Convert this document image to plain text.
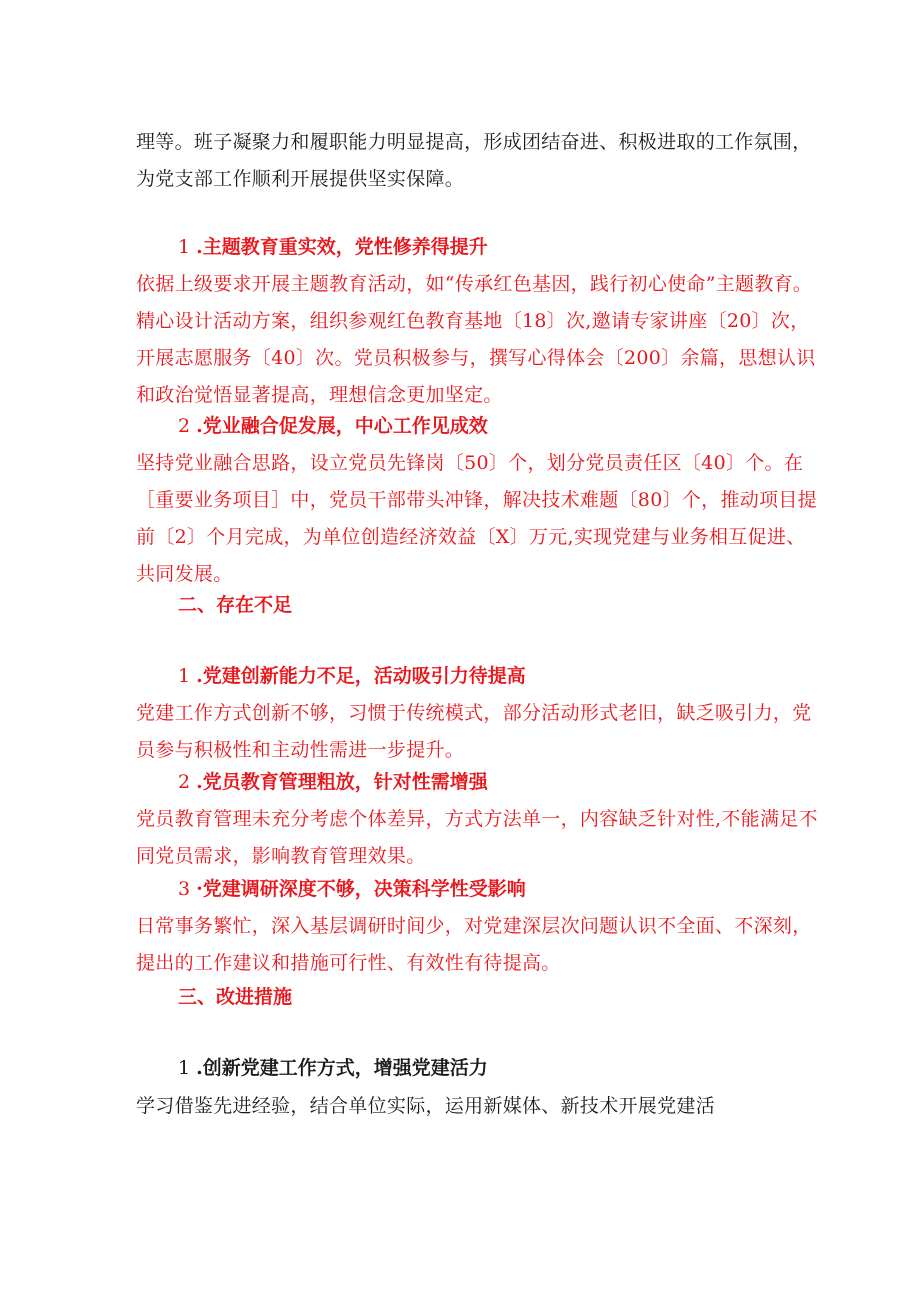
理等。班子凝聚力和履职能力明显提高，形成团结奋进、积极进取的工作氛围，
为党支部工作顺利开展提供坚实保障。

1 .主题教育重实效，党性修养得提升

依据上级要求开展主题教育活动，如“传承红色基因，践行初心使命”主题教育。
精心设计活动方案，组织参观红色教育基地〔18〕次,邀请专家讲座〔20〕次，
开展志愿服务〔40〕次。党员积极参与，撰写心得体会〔200〕余篇，思想认识
和政治觉悟显著提高，理想信念更加坚定。

2 .党业融合促发展，中心工作见成效

坚持党业融合思路，设立党员先锋岗〔50〕个，划分党员责任区〔40〕个。在
［重要业务项目］中，党员干部带头冲锋，解决技术难题〔80〕个，推动项目提
前〔2〕个月完成，为单位创造经济效益〔X〕万元,实现党建与业务相互促进、
共同发展。

二、存在不足
1 .党建创新能力不足，活动吸引力待提高

党建工作方式创新不够，习惯于传统模式，部分活动形式老旧，缺乏吸引力，党
员参与积极性和主动性需进一步提升。

2 .党员教育管理粗放，针对性需增强

党员教育管理未充分考虑个体差异，方式方法单一，内容缺乏针对性,不能满足不
同党员需求，影响教育管理效果。

3 ·党建调研深度不够，决策科学性受影响

日常事务繁忙，深入基层调研时间少，对党建深层次问题认识不全面、不深刻，
提出的工作建议和措施可行性、有效性有待提高。

三、改进措施
1 .创新党建工作方式，增强党建活力

学习借鉴先进经验，结合单位实际，运用新媒体、新技术开展党建活
